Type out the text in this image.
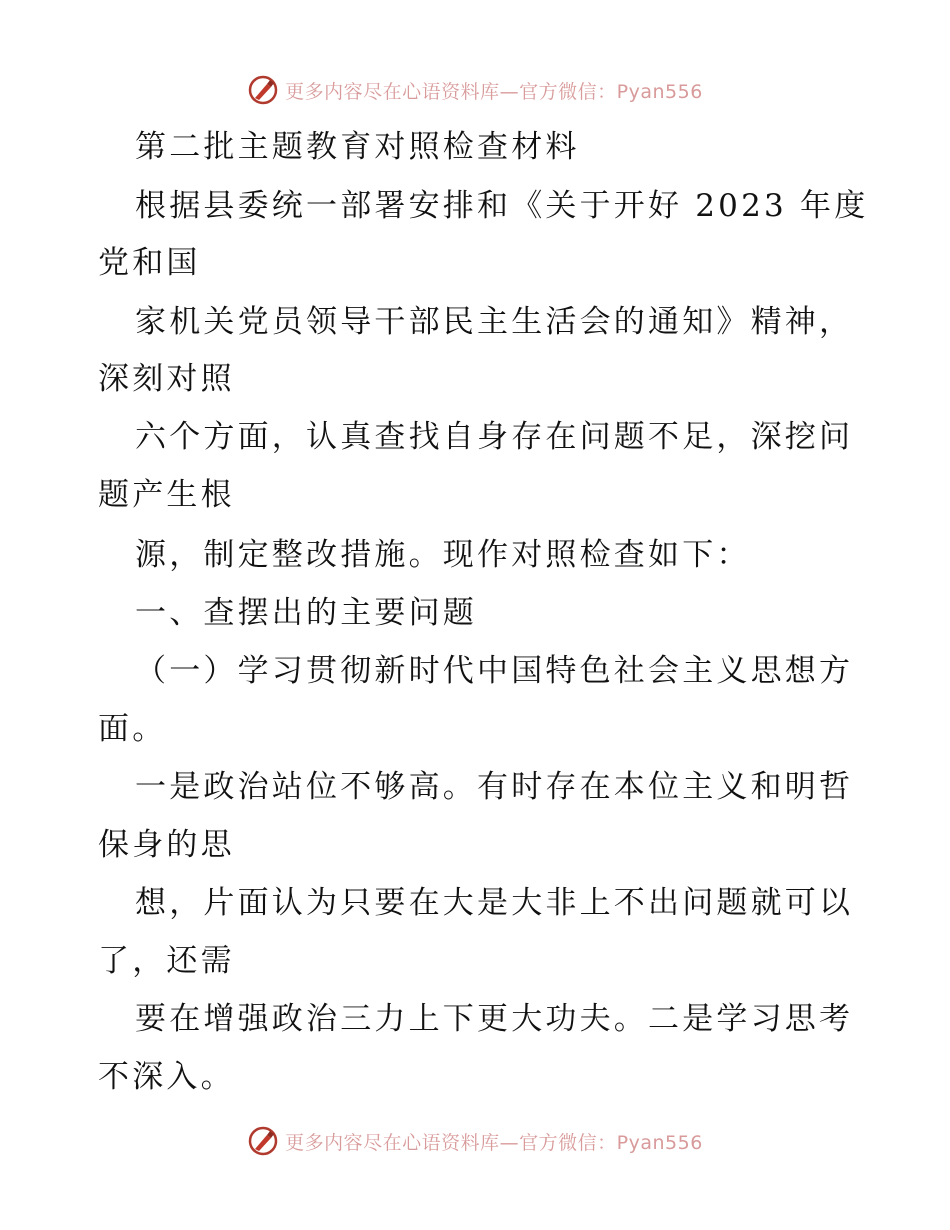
更多内容尽在心语资料库—官方微信：Pyan556
第二批主题教育对照检查材料
根据县委统一部署安排和《关于开好 2023 年度
党和国
家机关党员领导干部民主生活会的通知》精神，
深刻对照
六个方面，认真查找自身存在问题不足，深挖问
题产生根
源，制定整改措施。现作对照检查如下：
一、查摆出的主要问题
（一）学习贯彻新时代中国特色社会主义思想方
面。
一是政治站位不够高。有时存在本位主义和明哲
保身的思
想，片面认为只要在大是大非上不出问题就可以
了，还需
要在增强政治三力上下更大功夫。二是学习思考
不深入。
更多内容尽在心语资料库—官方微信：Pyan556
